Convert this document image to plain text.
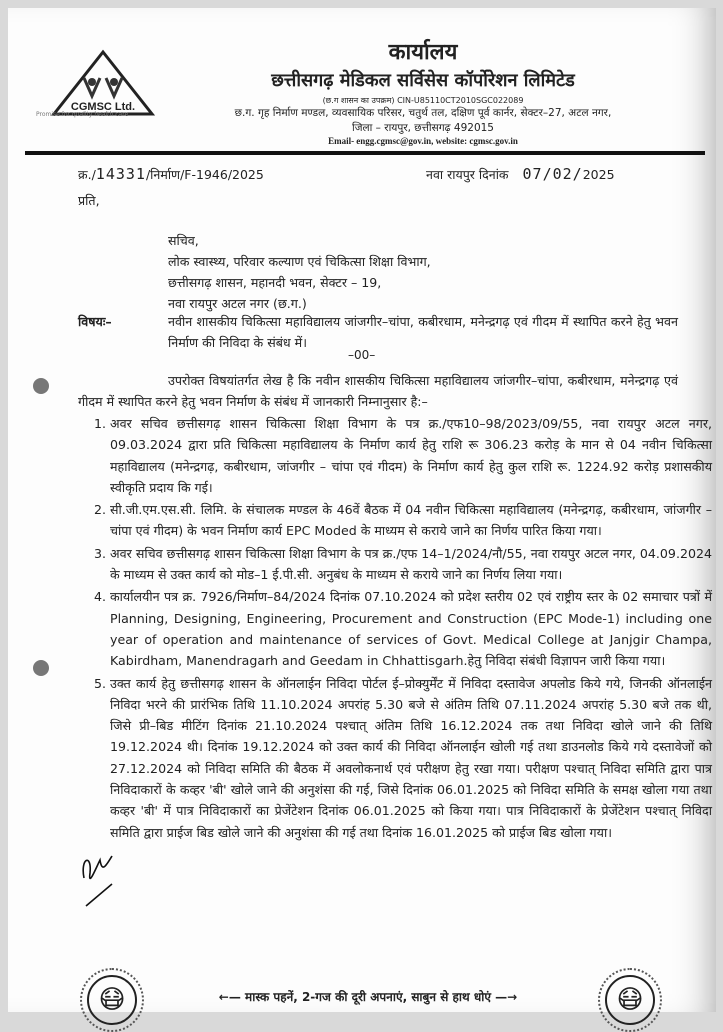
CGMSC Ltd.
Promise for quality health care
कार्यालय
छत्तीसगढ़ मेडिकल सर्विसेस कॉर्पोरेशन लिमिटेड
(छ.ग शासन का उपक्रम) CIN-U85110CT2010SGC022089
छ.ग. गृह निर्माण मण्डल, व्यवसायिक परिसर, चतुर्थ तल, दक्षिण पूर्व कार्नर, सेक्टर–27, अटल नगर,
जिला – रायपुर, छत्तीसगढ़ 492015
Email- engg.cgmsc@gov.in, website: cgmsc.gov.in
क्र./14331/निर्माण/F-1946/2025	नवा रायपुर दिनांक 07/02/2025
प्रति,
सचिव,
लोक स्वास्थ्य, परिवार कल्याण एवं चिकित्सा शिक्षा विभाग,
छत्तीसगढ़ शासन, महानदी भवन, सेक्टर – 19,
नवा रायपुर अटल नगर (छ.ग.)
विषयः–	नवीन शासकीय चिकित्सा महाविद्यालय जांजगीर–चांपा, कबीरधाम, मनेन्द्रगढ़ एवं गीदम में स्थापित करने हेतु भवन निर्माण की निविदा के संबंध में।
–00–
उपरोक्त विषयांतर्गत लेख है कि नवीन शासकीय चिकित्सा महाविद्यालय जांजगीर–चांपा, कबीरधाम, मनेन्द्रगढ़ एवं गीदम में स्थापित करने हेतु भवन निर्माण के संबंध में जानकारी निम्नानुसार है:–
1. अवर सचिव छत्तीसगढ़ शासन चिकित्सा शिक्षा विभाग के पत्र क्र./एफ10–98/2023/09/55, नवा रायपुर अटल नगर, 09.03.2024 द्वारा प्रति चिकित्सा महाविद्यालय के निर्माण कार्य हेतु राशि रू 306.23 करोड़ के मान से 04 नवीन चिकित्सा महाविद्यालय (मनेन्द्रगढ़, कबीरधाम, जांजगीर – चांपा एवं गीदम) के निर्माण कार्य हेतु कुल राशि रू. 1224.92 करोड़ प्रशासकीय स्वीकृति प्रदाय कि गई।
2. सी.जी.एम.एस.सी. लिमि. के संचालक मण्डल के 46वें बैठक में 04 नवीन चिकित्सा महाविद्यालय (मनेन्द्रगढ़, कबीरधाम, जांजगीर – चांपा एवं गीदम) के भवन निर्माण कार्य EPC Moded के माध्यम से कराये जाने का निर्णय पारित किया गया।
3. अवर सचिव छत्तीसगढ़ शासन चिकित्सा शिक्षा विभाग के पत्र क्र./एफ 14–1/2024/नौ/55, नवा रायपुर अटल नगर, 04.09.2024 के माध्यम से उक्त कार्य को मोड–1 ई.पी.सी. अनुबंध के माध्यम से कराये जाने का निर्णय लिया गया।
4. कार्यालयीन पत्र क्र. 7926/निर्माण–84/2024 दिनांक 07.10.2024 को प्रदेश स्तरीय 02 एवं राष्ट्रीय स्तर के 02 समाचार पत्रों में Planning, Designing, Engineering, Procurement and Construction (EPC Mode-1) including one year of operation and maintenance of services of Govt. Medical College at Janjgir Champa, Kabirdham, Manendragarh and Geedam in Chhattisgarh.हेतु निविदा संबंधी विज्ञापन जारी किया गया।
5. उक्त कार्य हेतु छत्तीसगढ़ शासन के ऑनलाईन निविदा पोर्टल ई–प्रोक्युर्मेंट में निविदा दस्तावेज अपलोड किये गये, जिनकी ऑनलाईन निविदा भरने की प्रारंभिक तिथि 11.10.2024 अपरांह 5.30 बजे से अंतिम तिथि 07.11.2024 अपरांह 5.30 बजे तक थी, जिसे प्री–बिड मीटिंग दिनांक 21.10.2024 पश्चात् अंतिम तिथि 16.12.2024 तक तथा निविदा खोले जाने की तिथि 19.12.2024 थी। दिनांक 19.12.2024 को उक्त कार्य की निविदा ऑनलाईन खोली गई तथा डाउनलोड किये गये दस्तावेजों को 27.12.2024 को निविदा समिति की बैठक में अवलोकनार्थ एवं परीक्षण हेतु रखा गया। परीक्षण पश्चात् निविदा समिति द्वारा पात्र निविदाकारों के कव्हर 'बी' खोले जाने की अनुशंसा की गई, जिसे दिनांक 06.01.2025 को निविदा समिति के समक्ष खोला गया तथा कव्हर 'बी' में पात्र निविदाकारों का प्रेजेंटेशन दिनांक 06.01.2025 को किया गया। पात्र निविदाकारों के प्रेजेंटेशन पश्चात् निविदा समिति द्वारा प्राईज बिड खोले जाने की अनुशंसा की गई तथा दिनांक 16.01.2025 को प्राईज बिड खोला गया।
😷	←— मास्क पहनें, 2-गज की दूरी अपनाएं, साबुन से हाथ धोएं —→	😷
